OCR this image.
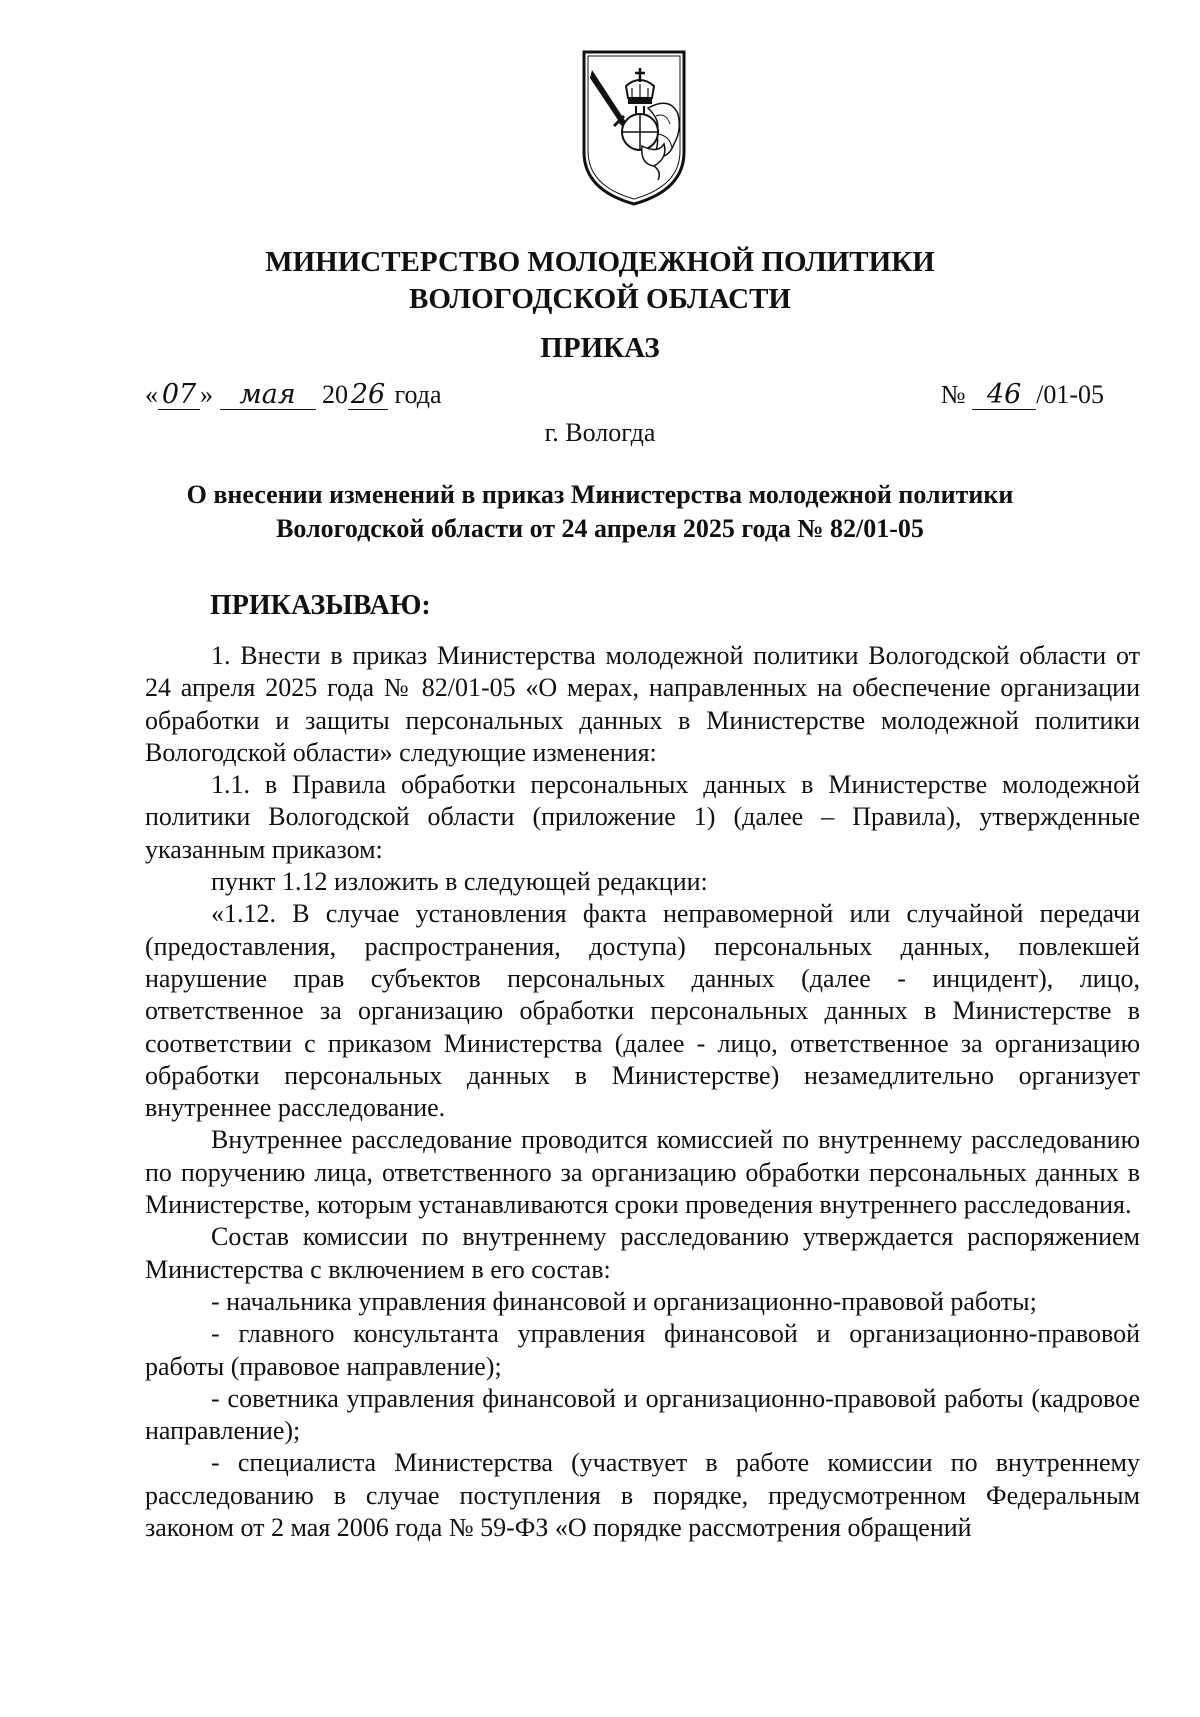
МИНИСТЕРСТВО МОЛОДЕЖНОЙ ПОЛИТИКИ
ВОЛОГОДСКОЙ ОБЛАСТИ
ПРИКАЗ
« 07 » мая 20 26 года	№ 46 /01-05
г. Вологда
О внесении изменений в приказ Министерства молодежной политики
Вологодской области от 24 апреля 2025 года № 82/01-05
ПРИКАЗЫВАЮ:

1. Внести в приказ Министерства молодежной политики Вологодской области от 24 апреля 2025 года № 82/01-05 «О мерах, направленных на обеспечение организации обработки и защиты персональных данных в Министерстве молодежной политики Вологодской области» следующие изменения:

1.1. в Правила обработки персональных данных в Министерстве молодежной политики Вологодской области (приложение 1) (далее – Правила), утвержденные указанным приказом:

пункт 1.12 изложить в следующей редакции:

«1.12. В случае установления факта неправомерной или случайной передачи (предоставления, распространения, доступа) персональных данных, повлекшей нарушение прав субъектов персональных данных (далее - инцидент), лицо, ответственное за организацию обработки персональных данных в Министерстве в соответствии с приказом Министерства (далее - лицо, ответственное за организацию обработки персональных данных в Министерстве) незамедлительно организует внутреннее расследование.

Внутреннее расследование проводится комиссией по внутреннему расследованию по поручению лица, ответственного за организацию обработки персональных данных в Министерстве, которым устанавливаются сроки проведения внутреннего расследования.

Состав комиссии по внутреннему расследованию утверждается распоряжением Министерства с включением в его состав:

- начальника управления финансовой и организационно-правовой работы;

- главного консультанта управления финансовой и организационно-правовой работы (правовое направление);

- советника управления финансовой и организационно-правовой работы (кадровое направление);

- специалиста Министерства (участвует в работе комиссии по внутреннему расследованию в случае поступления в порядке, предусмотренном Федеральным законом от 2 мая 2006 года № 59-ФЗ «О порядке рассмотрения обращений
